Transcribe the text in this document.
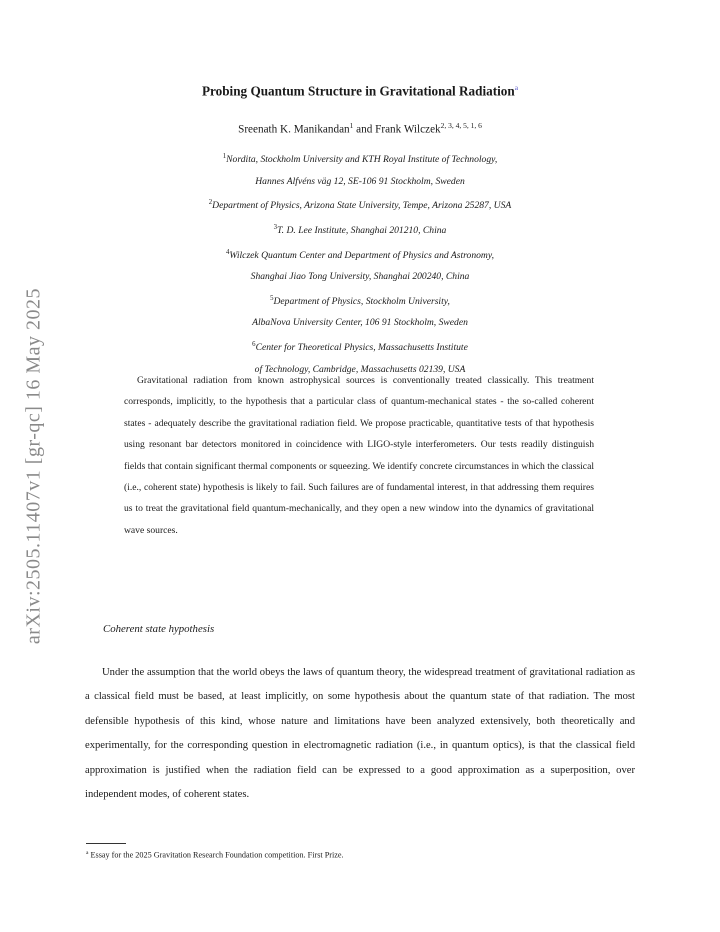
arXiv:2505.11407v1 [gr-qc] 16 May 2025
Probing Quantum Structure in Gravitational Radiation$^a$
Sreenath K. Manikandan$^1$ and Frank Wilczek$^{2, 3, 4, 5, 1, 6}$
$^1$Nordita, Stockholm University and KTH Royal Institute of Technology,
Hannes Alfvéns väg 12, SE-106 91 Stockholm, Sweden
$^2$Department of Physics, Arizona State University, Tempe, Arizona 25287, USA
$^3$T. D. Lee Institute, Shanghai 201210, China
$^4$Wilczek Quantum Center and Department of Physics and Astronomy,
Shanghai Jiao Tong University, Shanghai 200240, China
$^5$Department of Physics, Stockholm University,
AlbaNova University Center, 106 91 Stockholm, Sweden
$^6$Center for Theoretical Physics, Massachusetts Institute
of Technology, Cambridge, Massachusetts 02139, USA

Gravitational radiation from known astrophysical sources is conventionally treated classically. This treatment corresponds, implicitly, to the hypothesis that a particular class of quantum-mechanical states - the so-called coherent states - adequately describe the gravitational radiation field. We propose practicable, quantitative tests of that hypothesis using resonant bar detectors monitored in coincidence with LIGO-style interferometers. Our tests readily distinguish fields that contain significant thermal components or squeezing. We identify concrete circumstances in which the classical (i.e., coherent state) hypothesis is likely to fail. Such failures are of fundamental interest, in that addressing them requires us to treat the gravitational field quantum-mechanically, and they open a new window into the dynamics of gravitational wave sources.

Coherent state hypothesis

Under the assumption that the world obeys the laws of quantum theory, the widespread treatment of gravitational radiation as a classical field must be based, at least implicitly, on some hypothesis about the quantum state of that radiation. The most defensible hypothesis of this kind, whose nature and limitations have been analyzed extensively, both theoretically and experimentally, for the corresponding question in electromagnetic radiation (i.e., in quantum optics), is that the classical field approximation is justified when the radiation field can be expressed to a good approximation as a superposition, over independent modes, of coherent states.

$^a$ Essay for the 2025 Gravitation Research Foundation competition. First Prize.
